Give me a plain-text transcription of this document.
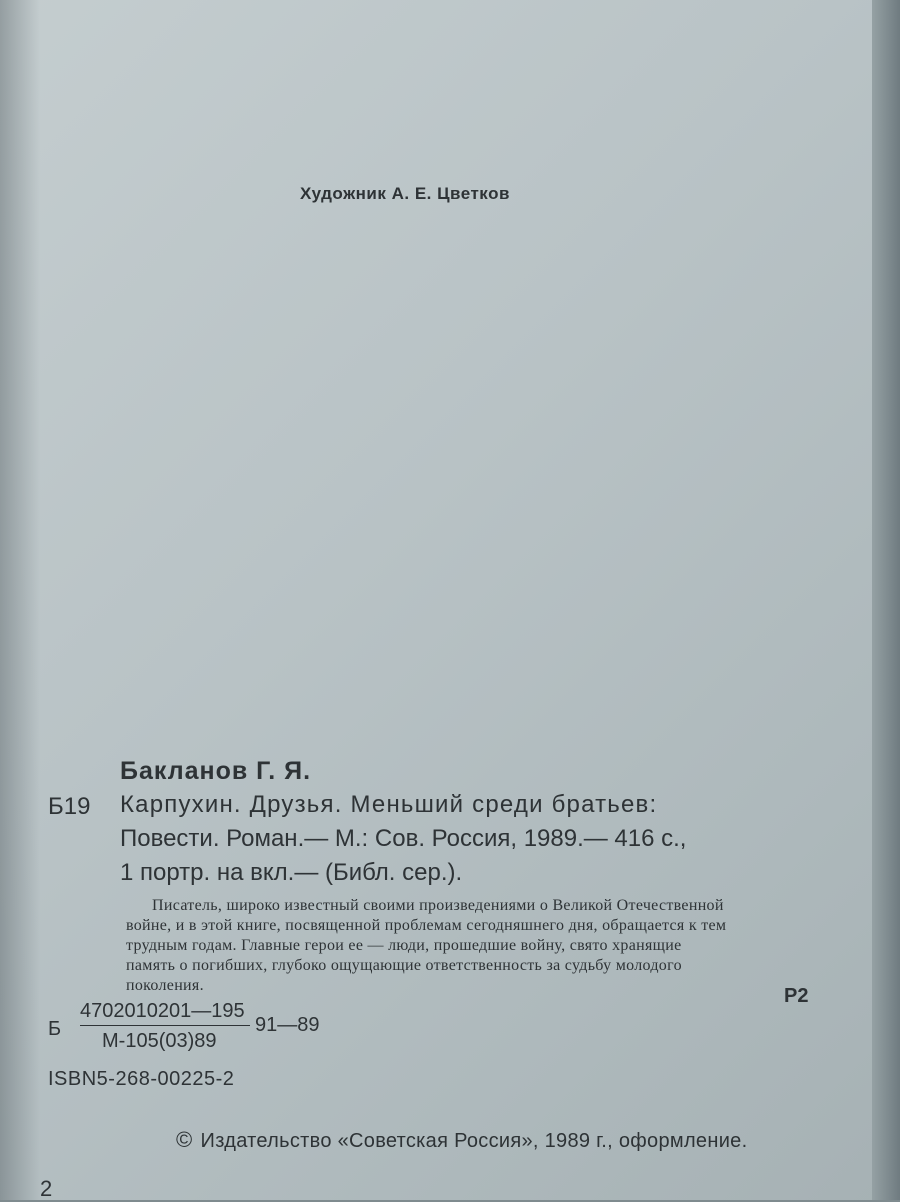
Художник А. Е. Цветков
Бакланов Г. Я.
Б19 Карпухин. Друзья. Меньший среди братьев:
Повести. Роман.— М.: Сов. Россия, 1989.— 416 с.,
1 портр. на вкл.— (Библ. сер.).
Писатель, широко известный своими произведениями о Великой Отечественной
войне, и в этой книге, посвященной проблемам сегодняшнего дня, обращается к тем
трудным годам. Главные герои ее — люди, прошедшие войну, свято хранящие
память о погибших, глубоко ощущающие ответственность за судьбу молодого
поколения.	Р2
Б
4702010201—195
М-105(03)89
91—89
ISBN5-268-00225-2
© Издательство «Советская Россия», 1989 г., оформление.
2
